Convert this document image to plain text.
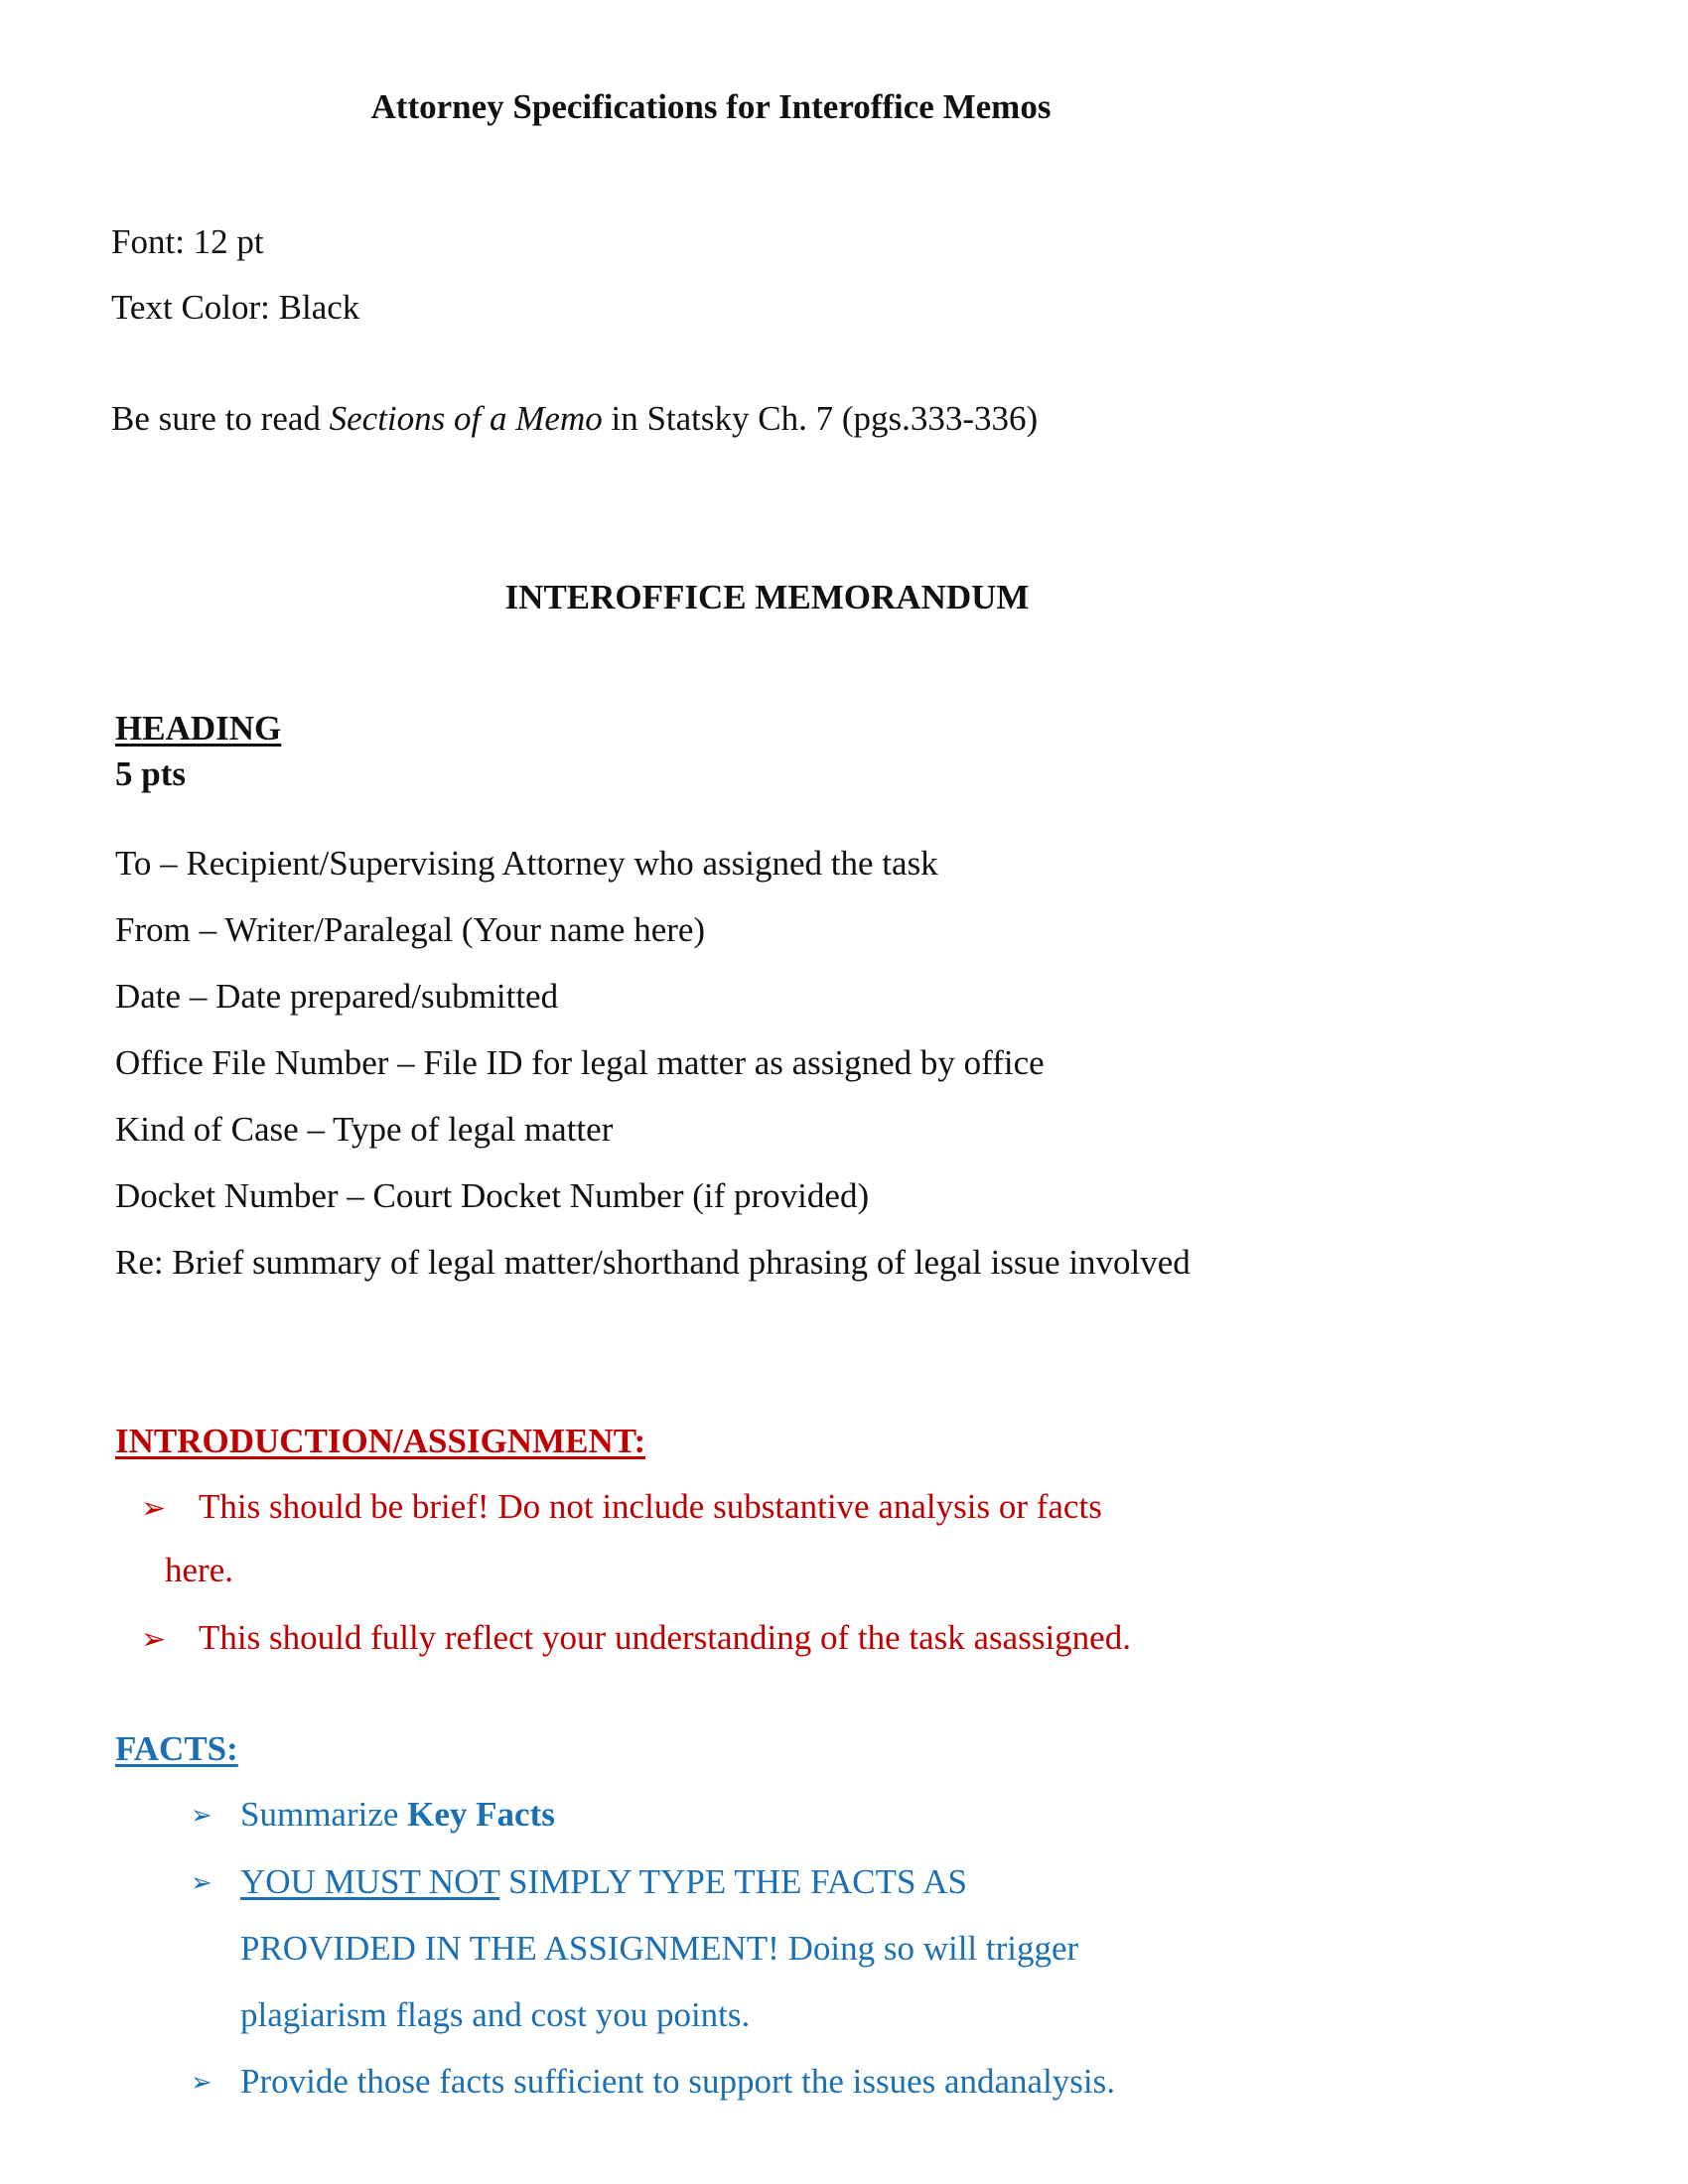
Attorney Specifications for Interoffice Memos

Font: 12 pt

Text Color: Black

Be sure to read Sections of a Memo in Statsky Ch. 7 (pgs.333-336)

INTEROFFICE MEMORANDUM

HEADING

5 pts

To – Recipient/Supervising Attorney who assigned the task

From – Writer/Paralegal (Your name here)

Date – Date prepared/submitted

Office File Number – File ID for legal matter as assigned by office

Kind of Case – Type of legal matter

Docket Number – Court Docket Number (if provided)

Re: Brief summary of legal matter/shorthand phrasing of legal issue involved

INTRODUCTION/ASSIGNMENT:

➢ This should be brief! Do not include substantive analysis or facts

here.

➢ This should fully reflect your understanding of the task asassigned.

FACTS:

➢ Summarize Key Facts

➢ YOU MUST NOT SIMPLY TYPE THE FACTS AS

PROVIDED IN THE ASSIGNMENT! Doing so will trigger

plagiarism flags and cost you points.

➢ Provide those facts sufficient to support the issues andanalysis.
